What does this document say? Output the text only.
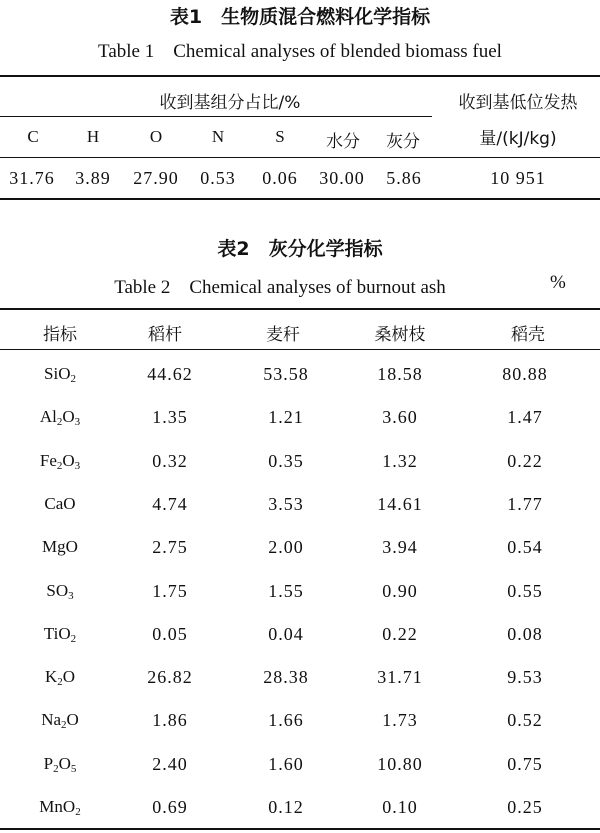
表1　生物质混合燃料化学指标
Table 1　Chemical analyses of blended biomass fuel
收到基组分占比/%	收到基低位发热
量/(kJ/kg)
C	H	O	N	S	水分	灰分
31.76	3.89	27.90	0.53	0.06	30.00	5.86	10 951
表2　灰分化学指标
Table 2　Chemical analyses of burnout ash	%
指标	稻杆	麦秆	桑树枝	稻壳
SiO$_2$	44.62	53.58	18.58	80.88
$Al_2O_3$	1.35	1.21	3.60	1.47
$Fe_2O_3$	0.32	0.35	1.32	0.22
CaO	4.74	3.53	14.61	1.77
MgO	2.75	2.00	3.94	0.54
$SO_3$	1.75	1.55	0.90	0.55
TiO$_2$	0.05	0.04	0.22	0.08
$K_2O$	26.82	28.38	31.71	9.53
$Na_2O$	1.86	1.66	1.73	0.52
$P_2O_5$	2.40	1.60	10.80	0.75
MnO$_2$	0.69	0.12	0.10	0.25
